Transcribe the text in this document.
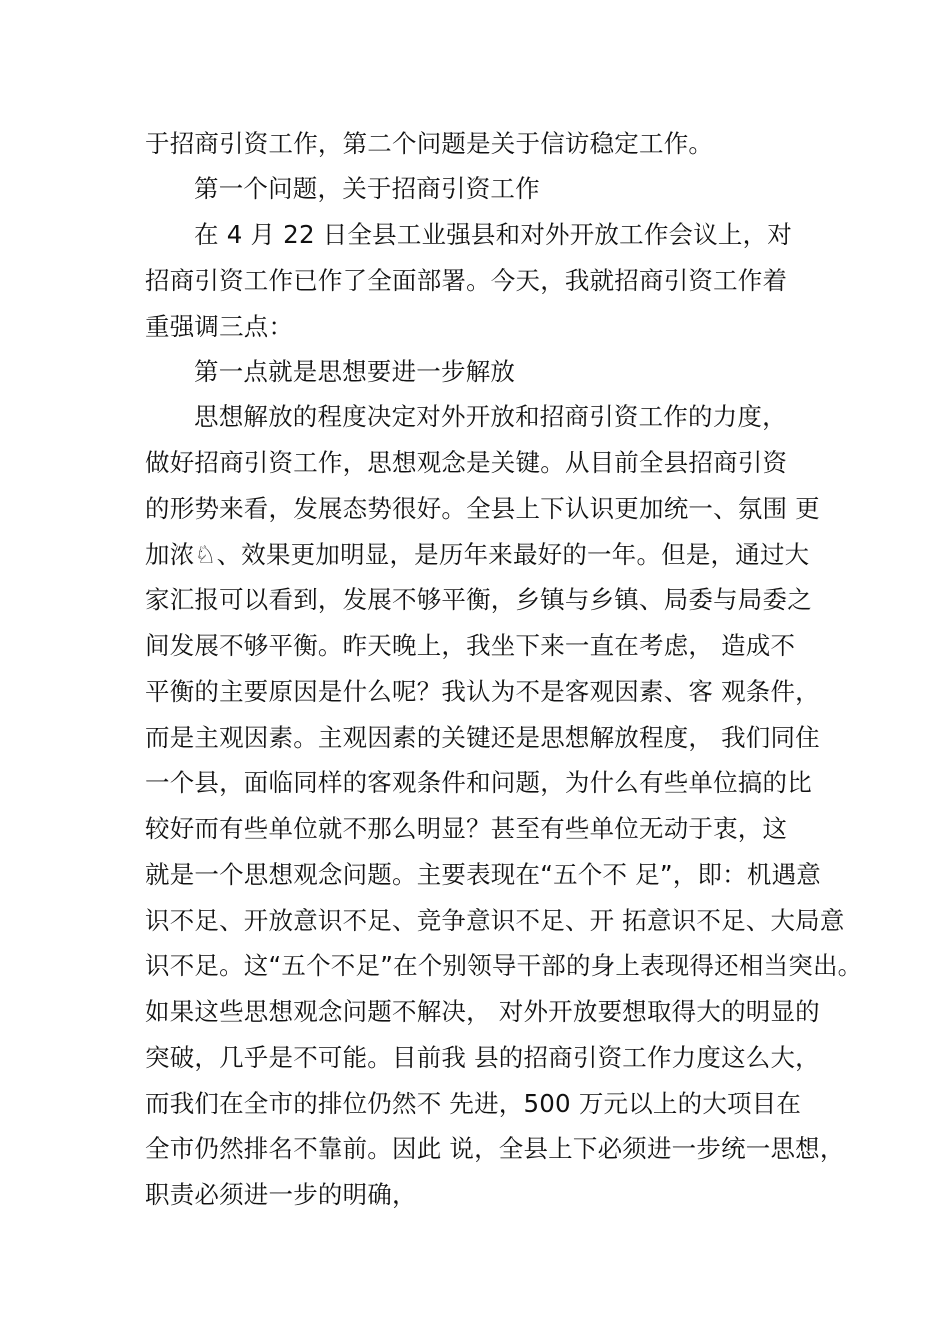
于招商引资工作，第二个问题是关于信访稳定工作。
第一个问题，关于招商引资工作
在 4 月 22 日全县工业强县和对外开放工作会议上，对
招商引资工作已作了全面部署。今天，我就招商引资工作着
重强调三点：
第一点就是思想要进一步解放
思想解放的程度决定对外开放和招商引资工作的力度，
做好招商引资工作，思想观念是关键。从目前全县招商引资
的形势来看，发展态势很好。全县上下认识更加统一、氛围 更
加浓♘、效果更加明显，是历年来最好的一年。但是，通过大
家汇报可以看到，发展不够平衡，乡镇与乡镇、局委与局委之
间发展不够平衡。昨天晚上，我坐下来一直在考虑， 造成不
平衡的主要原因是什么呢？我认为不是客观因素、客 观条件，
而是主观因素。主观因素的关键还是思想解放程度， 我们同住
一个县，面临同样的客观条件和问题，为什么有些单位搞的比
较好而有些单位就不那么明显？甚至有些单位无动于衷，这
就是一个思想观念问题。主要表现在“五个不 足”，即：机遇意
识不足、开放意识不足、竞争意识不足、开 拓意识不足、大局意
识不足。这“五个不足”在个别领导干部的身上表现得还相当突出。
如果这些思想观念问题不解决， 对外开放要想取得大的明显的
突破，几乎是不可能。目前我 县的招商引资工作力度这么大，
而我们在全市的排位仍然不 先进，500 万元以上的大项目在
全市仍然排名不靠前。因此 说，全县上下必须进一步统一思想，
职责必须进一步的明确，
